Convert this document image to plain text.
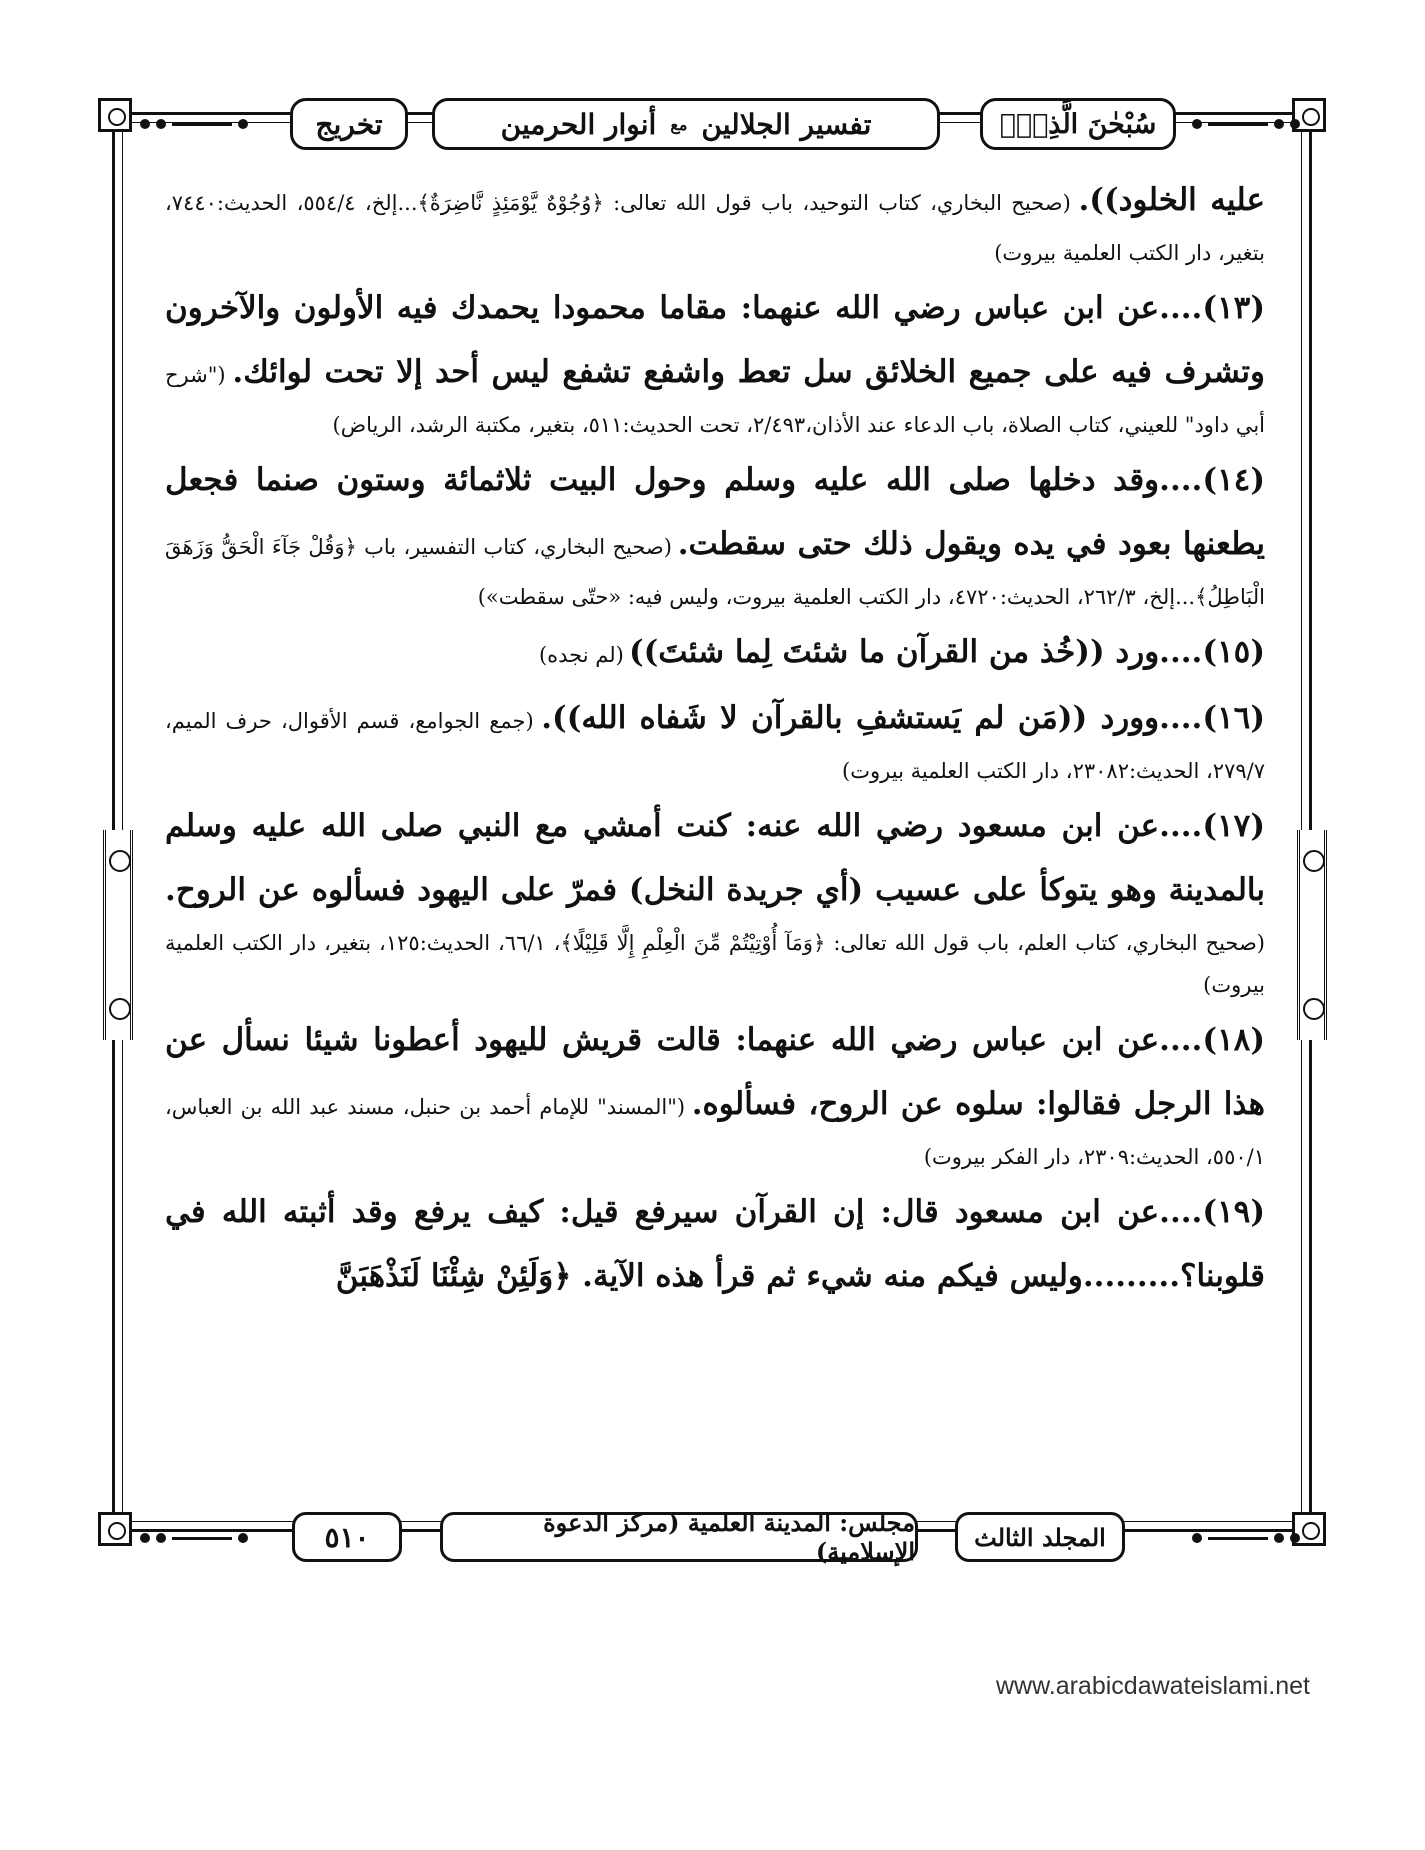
سُبْحٰنَ الَّذِيْۤ
تفسير الجلالين
مع
أنوار الحرمين
تخريج
عليه الخلود)). (صحيح البخاري، كتاب التوحيد، باب قول الله تعالى: ﴿وُجُوْهٌ يَّوْمَئِذٍ نَّاضِرَةٌ﴾...إلخ، ٥٥٤/٤، الحديث:٧٤٤٠، بتغير، دار الكتب العلمية بيروت)
(١٣)....عن ابن عباس رضي الله عنهما: مقاما محمودا يحمدك فيه الأولون والآخرون وتشرف فيه على جميع الخلائق سل تعط واشفع تشفع ليس أحد إلا تحت لوائك. ("شرح أبي داود" للعيني، كتاب الصلاة، باب الدعاء عند الأذان،٢/٤٩٣، تحت الحديث:٥١١، بتغير، مكتبة الرشد، الرياض)
(١٤)....وقد دخلها صلى الله عليه وسلم وحول البيت ثلاثمائة وستون صنما فجعل يطعنها بعود في يده ويقول ذلك حتى سقطت. (صحيح البخاري، كتاب التفسير، باب ﴿وَقُلْ جَآءَ الْحَقُّ وَزَهَقَ الْبَاطِلُ﴾...إلخ، ٢٦٢/٣، الحديث:٤٧٢٠، دار الكتب العلمية بيروت، وليس فيه: «حتّى سقطت»)
(١٥)....ورد ((خُذ من القرآن ما شئتَ لِما شئتَ)) (لم نجده)
(١٦)....وورد ((مَن لم يَستشفِ بالقرآن لا شَفاه الله)). (جمع الجوامع، قسم الأقوال، حرف الميم، ٢٧٩/٧، الحديث:٢٣٠٨٢، دار الكتب العلمية بيروت)
(١٧)....عن ابن مسعود رضي الله عنه: كنت أمشي مع النبي صلى الله عليه وسلم بالمدينة وهو يتوكأ على عسيب (أي جريدة النخل) فمرّ على اليهود فسألوه عن الروح. (صحيح البخاري، كتاب العلم، باب قول الله تعالى: ﴿وَمَآ أُوْتِيْتُمْ مِّنَ الْعِلْمِ إِلَّا قَلِيْلًا﴾، ٦٦/١، الحديث:١٢٥، بتغير، دار الكتب العلمية بيروت)
(١٨)....عن ابن عباس رضي الله عنهما: قالت قريش لليهود أعطونا شيئا نسأل عن هذا الرجل فقالوا: سلوه عن الروح، فسألوه. ("المسند" للإمام أحمد بن حنبل، مسند عبد الله بن العباس، ٥٥٠/١، الحديث:٢٣٠٩، دار الفكر بيروت)
(١٩)....عن ابن مسعود قال: إن القرآن سيرفع قيل: كيف يرفع وقد أثبته الله في قلوبنا؟.........وليس فيكم منه شيء ثم قرأ هذه الآية. ﴿وَلَئِنْ شِئْنَا لَنَذْهَبَنَّ
المجلد الثالث
مجلس: المدينة العلمية (مركز الدعوة الإسلامية)
٥١٠
www.arabicdawateislami.net
